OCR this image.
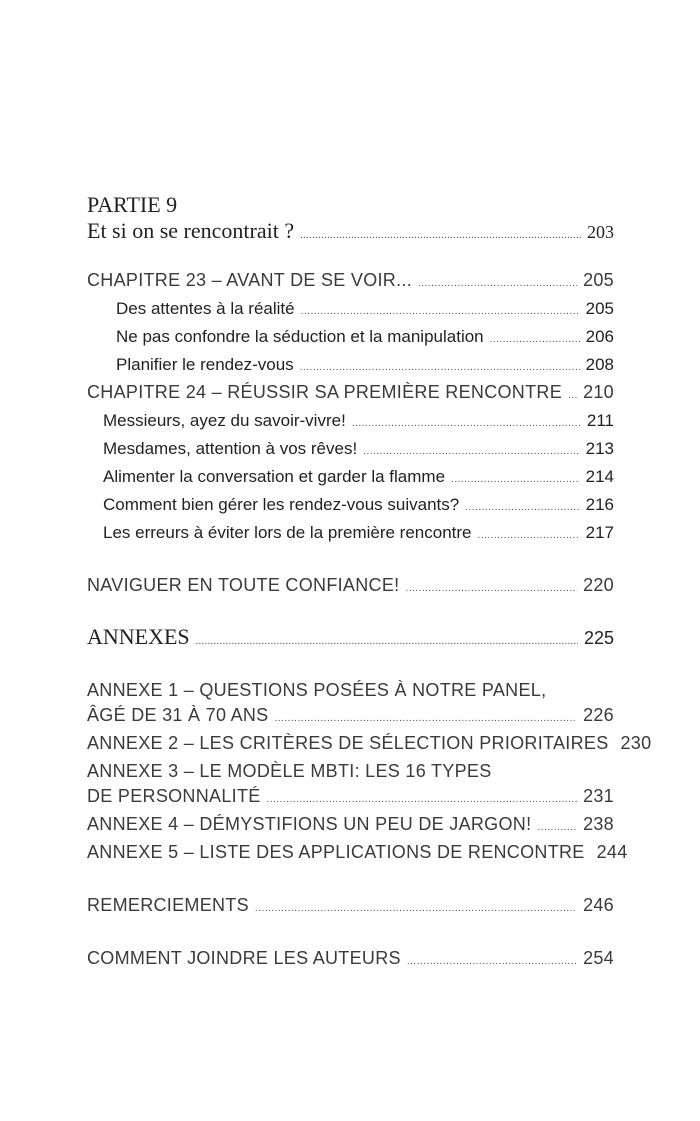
PARTIE 9
Et si on se rencontrait ? .....	203
CHAPITRE 23 – AVANT DE SE VOIR... .....	205
Des attentes à la réalité .....	205
Ne pas confondre la séduction et la manipulation .....	206
Planifier le rendez-vous .....	208
CHAPITRE 24 – RÉUSSIR SA PREMIÈRE RENCONTRE ..... 210
Messieurs, ayez du savoir-vivre! .....	211
Mesdames, attention à vos rêves! .....	213
Alimenter la conversation et garder la flamme .....	214
Comment bien gérer les rendez-vous suivants? .....	216
Les erreurs à éviter lors de la première rencontre .....	217
NAVIGUER EN TOUTE CONFIANCE! .....	220
ANNEXES .....	225
ANNEXE 1 – QUESTIONS POSÉES À NOTRE PANEL,
ÂGÉ DE 31 À 70 ANS .....	226
ANNEXE 2 – LES CRITÈRES DE SÉLECTION PRIORITAIRES 230
ANNEXE 3 – LE MODÈLE MBTI: LES 16 TYPES
DE PERSONNALITÉ .....	231
ANNEXE 4 – DÉMYSTIFIONS UN PEU DE JARGON! .....	238
ANNEXE 5 – LISTE DES APPLICATIONS DE RENCONTRE 244
REMERCIEMENTS .....	246
COMMENT JOINDRE LES AUTEURS .....	254
